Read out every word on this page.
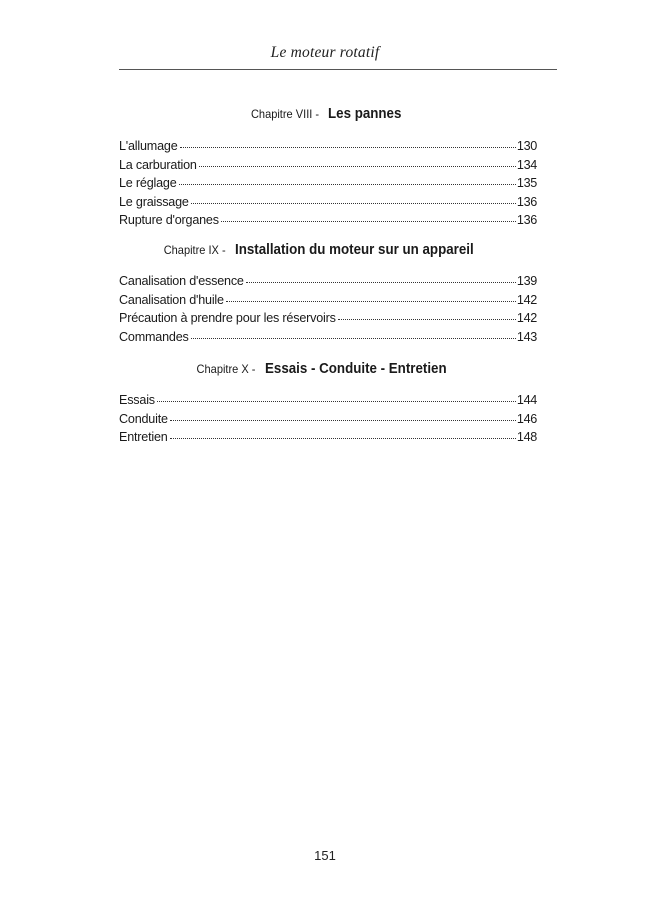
Le moteur rotatif
Chapitre VIII - Les pannes
L'allumage	130
La carburation	134
Le réglage	135
Le graissage	136
Rupture d'organes	136
Chapitre IX - Installation du moteur sur un appareil
Canalisation d'essence	139
Canalisation d'huile	142
Précaution à prendre pour les réservoirs	142
Commandes	143
Chapitre X - Essais - Conduite - Entretien
Essais	144
Conduite	146
Entretien	148
151
